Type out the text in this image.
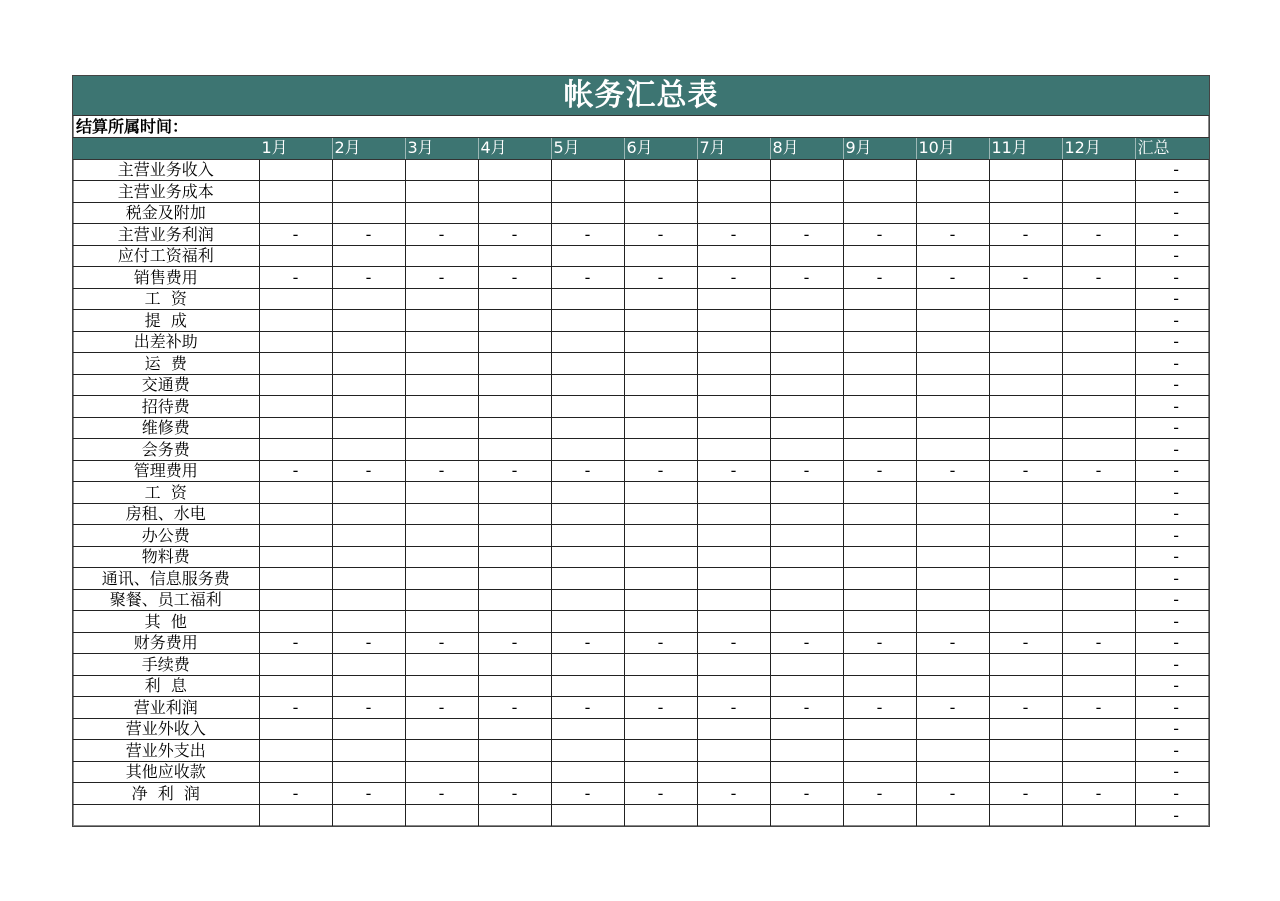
帐务汇总表
结算所属时间：
	1月	2月	3月	4月	5月	6月	7月	8月	9月	10月	11月	12月	汇总
主营业务收入													-
主营业务成本													-
税金及附加													-
主营业务利润	-	-	-	-	-	-	-	-	-	-	-	-	-
应付工资福利													-
销售费用	-	-	-	-	-	-	-	-	-	-	-	-	-
工  资													-
提  成													-
出差补助													-
运  费													-
交通费													-
招待费													-
维修费													-
会务费													-
管理费用	-	-	-	-	-	-	-	-	-	-	-	-	-
工  资													-
房租、水电													-
办公费													-
物料费													-
通讯、信息服务费													-
聚餐、员工福利													-
其  他													-
财务费用	-	-	-	-	-	-	-	-	-	-	-	-	-
手续费													-
利  息													-
营业利润	-	-	-	-	-	-	-	-	-	-	-	-	-
营业外收入													-
营业外支出													-
其他应收款													-
净  利  润	-	-	-	-	-	-	-	-	-	-	-	-	-
													-
